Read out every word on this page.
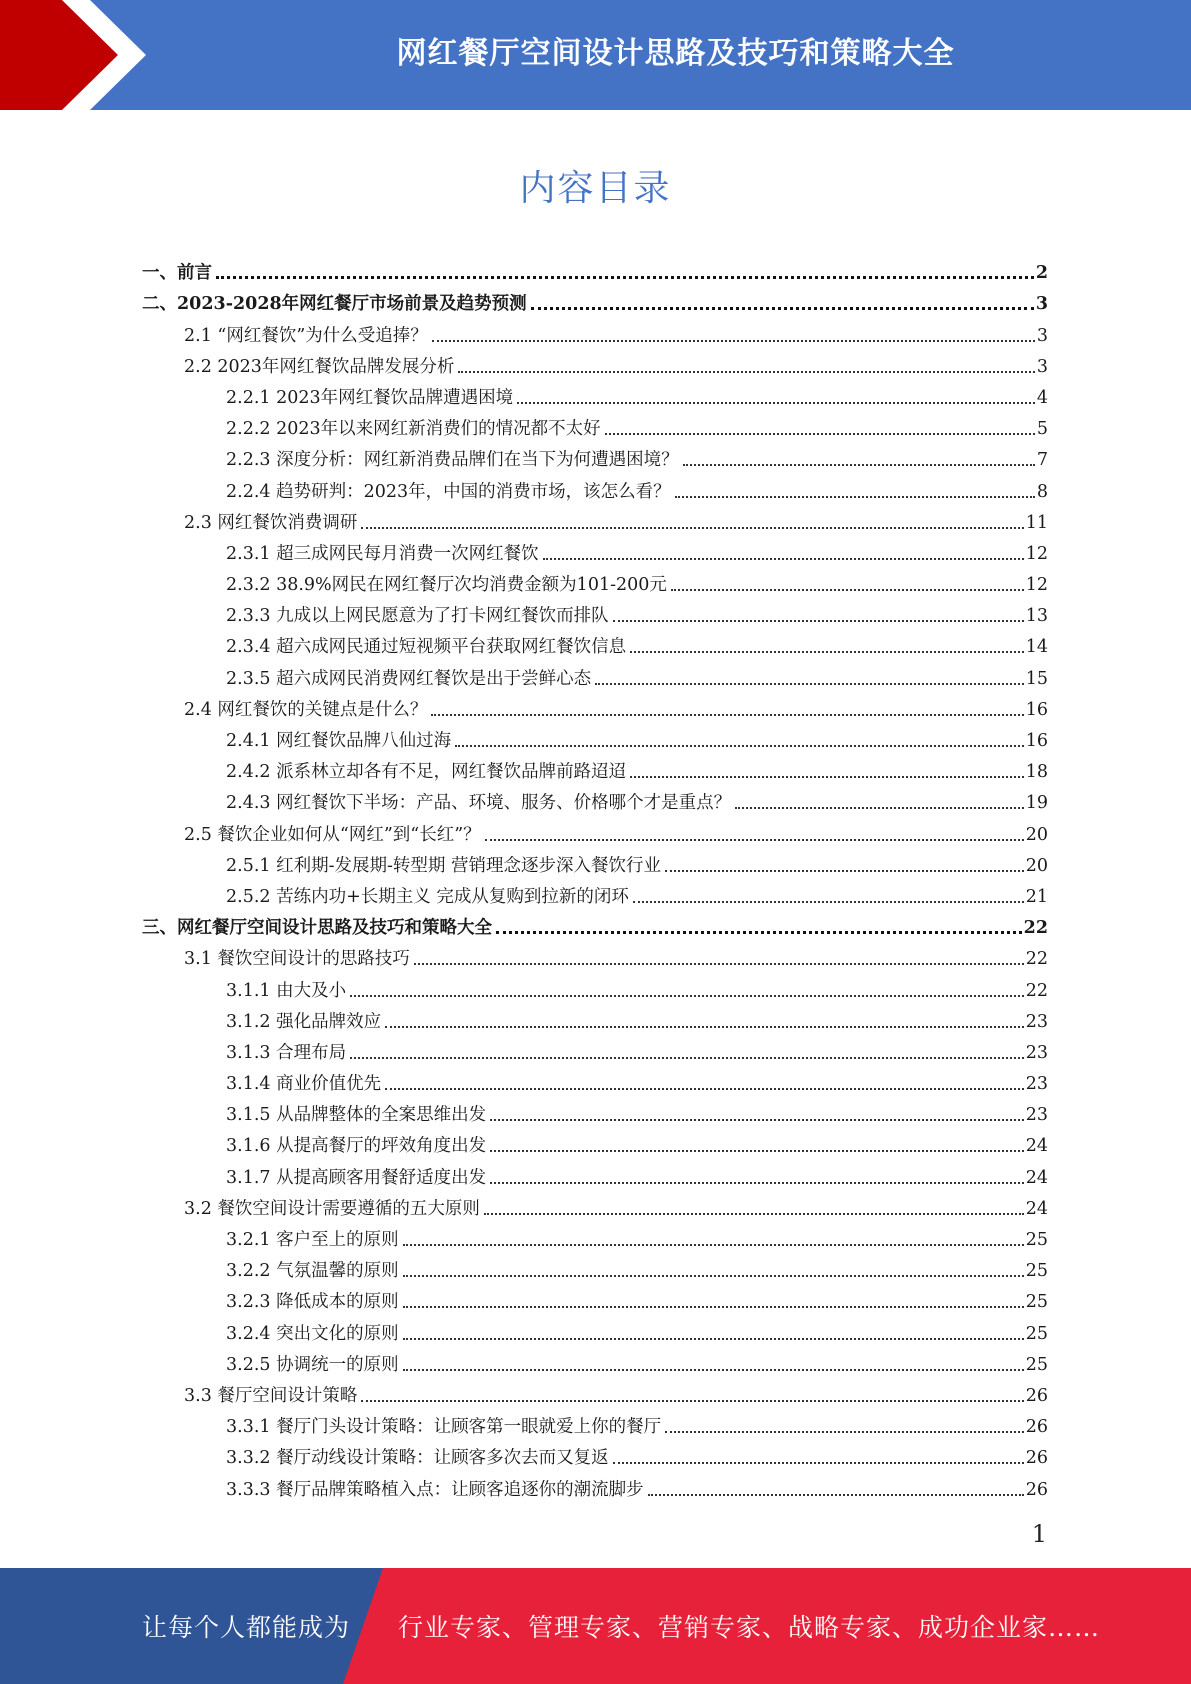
网红餐厅空间设计思路及技巧和策略大全
内容目录
一、前言	2
二、2023-2028年网红餐厅市场前景及趋势预测	3
2.1 “网红餐饮”为什么受追捧？	3
2.2 2023年网红餐饮品牌发展分析	3
2.2.1 2023年网红餐饮品牌遭遇困境	4
2.2.2 2023年以来网红新消费们的情况都不太好	5
2.2.3 深度分析：网红新消费品牌们在当下为何遭遇困境？	7
2.2.4 趋势研判：2023年，中国的消费市场，该怎么看？	8
2.3 网红餐饮消费调研	11
2.3.1 超三成网民每月消费一次网红餐饮	12
2.3.2 38.9%网民在网红餐厅次均消费金额为101-200元	12
2.3.3 九成以上网民愿意为了打卡网红餐饮而排队	13
2.3.4 超六成网民通过短视频平台获取网红餐饮信息	14
2.3.5 超六成网民消费网红餐饮是出于尝鲜心态	15
2.4 网红餐饮的关键点是什么？	16
2.4.1 网红餐饮品牌八仙过海	16
2.4.2 派系林立却各有不足，网红餐饮品牌前路迢迢	18
2.4.3 网红餐饮下半场：产品、环境、服务、价格哪个才是重点？	19
2.5 餐饮企业如何从“网红”到“长红”？	20
2.5.1 红利期-发展期-转型期 营销理念逐步深入餐饮行业	20
2.5.2 苦练内功+长期主义 完成从复购到拉新的闭环	21
三、网红餐厅空间设计思路及技巧和策略大全	22
3.1 餐饮空间设计的思路技巧	22
3.1.1 由大及小	22
3.1.2 强化品牌效应	23
3.1.3 合理布局	23
3.1.4 商业价值优先	23
3.1.5 从品牌整体的全案思维出发	23
3.1.6 从提高餐厅的坪效角度出发	24
3.1.7 从提高顾客用餐舒适度出发	24
3.2 餐饮空间设计需要遵循的五大原则	24
3.2.1 客户至上的原则	25
3.2.2 气氛温馨的原则	25
3.2.3 降低成本的原则	25
3.2.4 突出文化的原则	25
3.2.5 协调统一的原则	25
3.3 餐厅空间设计策略	26
3.3.1 餐厅门头设计策略：让顾客第一眼就爱上你的餐厅	26
3.3.2 餐厅动线设计策略：让顾客多次去而又复返	26
3.3.3 餐厅品牌策略植入点：让顾客追逐你的潮流脚步	26
1
让每个人都能成为 行业专家、管理专家、营销专家、战略专家、成功企业家……
